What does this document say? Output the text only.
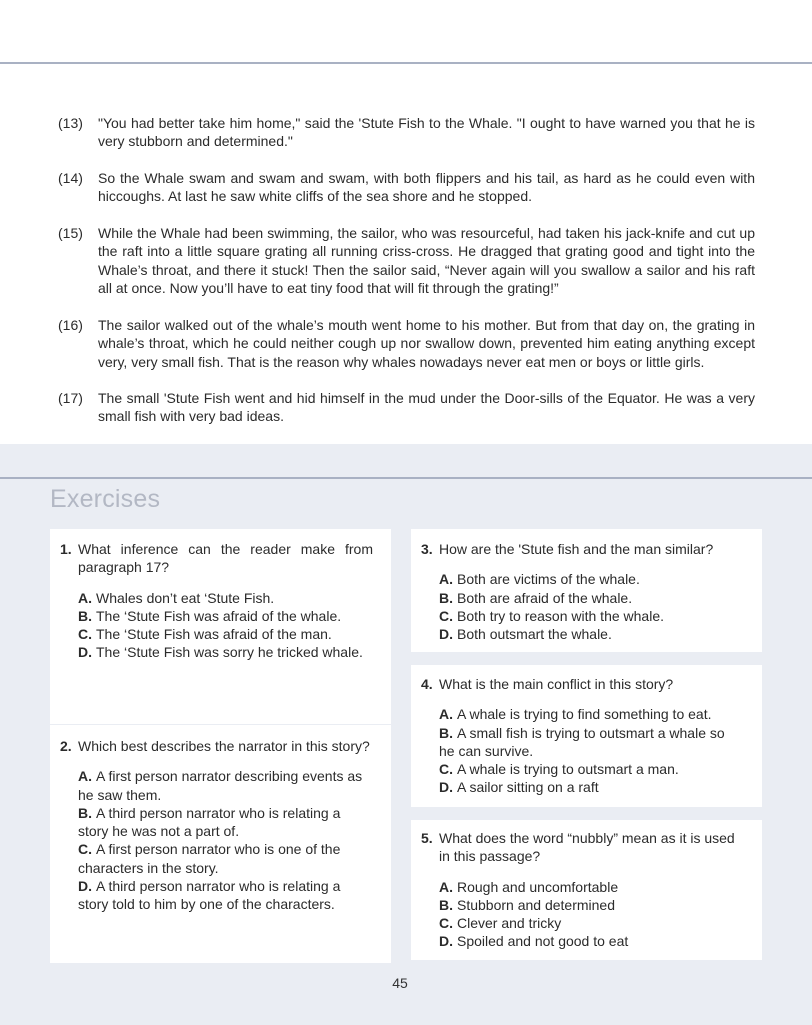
(13)	"You had better take him home," said the 'Stute Fish to the Whale. "I ought to have warned you that he is very stubborn and determined."
(14)	So the Whale swam and swam and swam, with both flippers and his tail, as hard as he could even with hiccoughs. At last he saw white cliffs of the sea shore and he stopped.
(15)	While the Whale had been swimming, the sailor, who was resourceful, had taken his jack-knife and cut up the raft into a little square grating all running criss-cross. He dragged that grating good and tight into the Whale’s throat, and there it stuck! Then the sailor said, “Never again will you swallow a sailor and his raft all at once. Now you’ll have to eat tiny food that will fit through the grating!”
(16)	The sailor walked out of the whale’s mouth went home to his mother. But from that day on, the grating in whale’s throat, which he could neither cough up nor swallow down, prevented him eating anything except very, very small fish. That is the reason why whales nowadays never eat men or boys or little girls.
(17)	The small 'Stute Fish went and hid himself in the mud under the Door-sills of the Equator. He was a very small fish with very bad ideas.
Exercises
1. What inference can the reader make from paragraph 17?
A. Whales don’t eat ‘Stute Fish.
B. The ‘Stute Fish was afraid of the whale.
C. The ‘Stute Fish was afraid of the man.
D. The ‘Stute Fish was sorry he tricked whale.
2. Which best describes the narrator in this story?
A. A first person narrator describing events as he saw them.
B. A third person narrator who is relating a story he was not a part of.
C. A first person narrator who is one of the characters in the story.
D. A third person narrator who is relating a story told to him by one of the characters.
3. How are the 'Stute fish and the man similar?
A. Both are victims of the whale.
B. Both are afraid of the whale.
C. Both try to reason with the whale.
D. Both outsmart the whale.
4. What is the main conflict in this story?
A. A whale is trying to find something to eat.
B. A small fish is trying to outsmart a whale so he can survive.
C. A whale is trying to outsmart a man.
D. A sailor sitting on a raft
5. What does the word “nubbly” mean as it is used in this passage?
A. Rough and uncomfortable
B. Stubborn and determined
C. Clever and tricky
D. Spoiled and not good to eat
45
